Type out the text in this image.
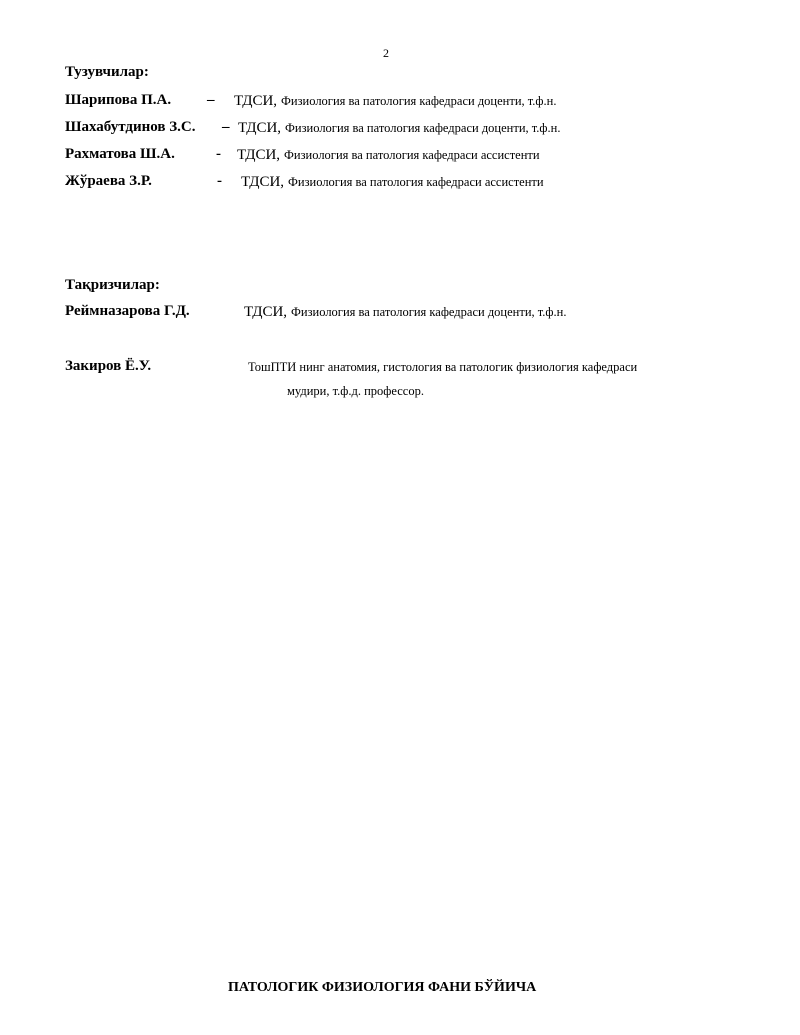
2
Тузувчилар:
Шарипова П.А. – ТДСИ, Физиология ва патология кафедраси доценти, т.ф.н.
Шахабутдинов З.С. – ТДСИ, Физиология ва патология кафедраси доценти, т.ф.н.
Рахматова Ш.А.	- ТДСИ, Физиология ва патология кафедраси ассистенти
Жўраева З.Р.	- ТДСИ, Физиология ва патология кафедраси ассистенти
Тақризчилар:
Реймназарова Г.Д.	ТДСИ, Физиология ва патология кафедраси доценти, т.ф.н.
Закиров Ё.У.	ТошПТИ нинг анатомия, гистология ва патологик физиология кафедраси
мудири, т.ф.д. профессор.
ПАТОЛОГИК ФИЗИОЛОГИЯ ФАНИ БЎЙИЧА
